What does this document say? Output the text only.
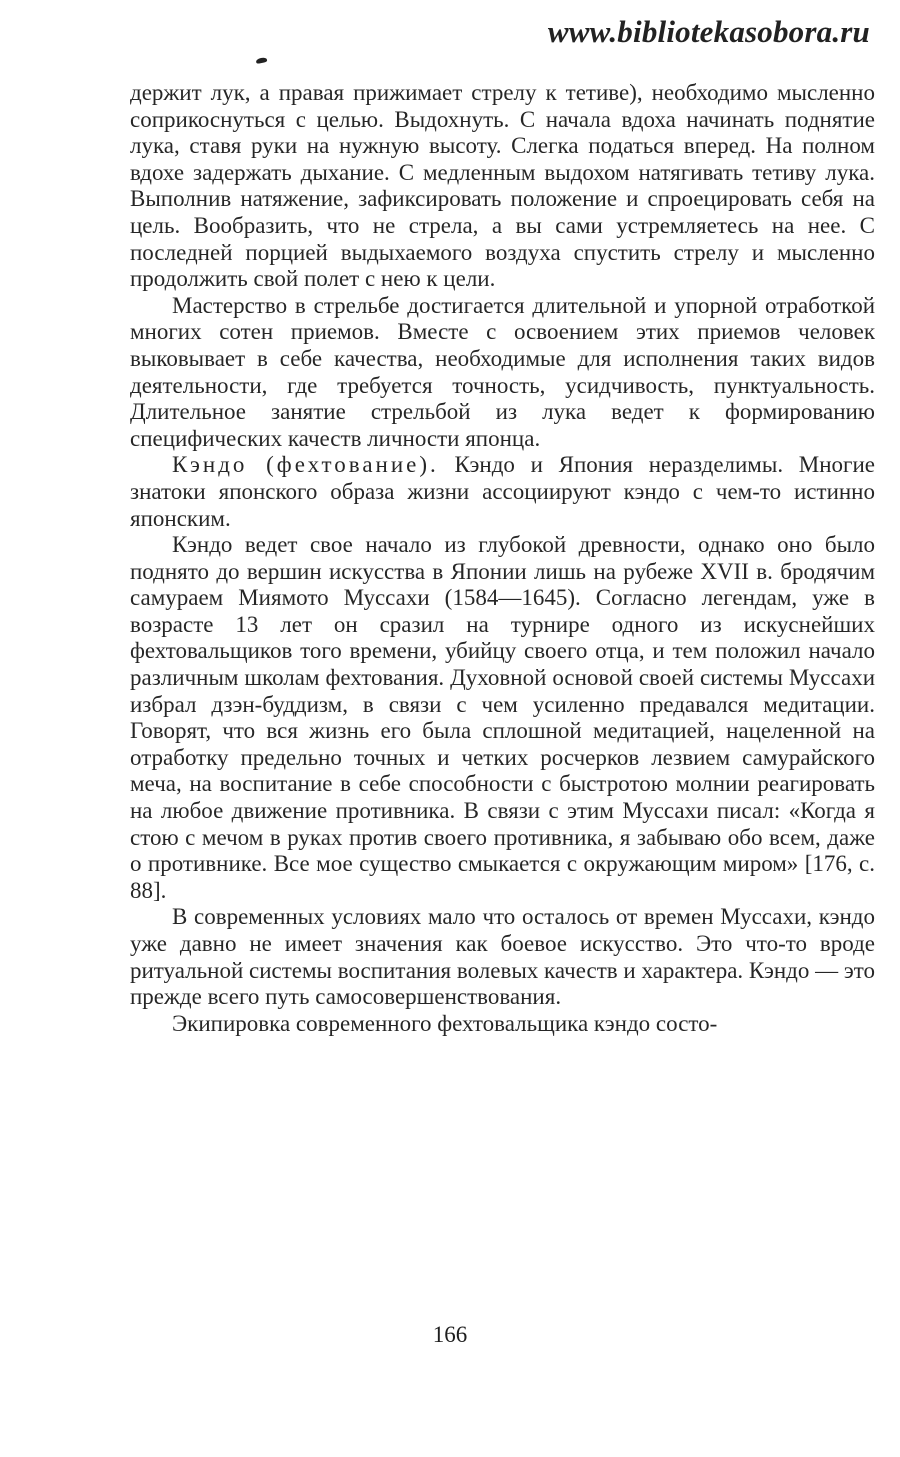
www.bibliotekasobora.ru

держит лук, а правая прижимает стрелу к тетиве), необходимо мысленно соприкоснуться с целью. Выдохнуть. С начала вдоха начинать поднятие лука, ставя руки на нужную высоту. Слегка податься вперед. На полном вдохе задержать дыхание. С медленным выдохом натягивать тетиву лука. Выполнив натяжение, зафиксировать положение и спроецировать себя на цель. Вообразить, что не стрела, а вы сами устремляетесь на нее. С последней порцией выдыхаемого воздуха спустить стрелу и мысленно продолжить свой полет с нею к цели.

Мастерство в стрельбе достигается длительной и упорной отработкой многих сотен приемов. Вместе с освоением этих приемов человек выковывает в себе качества, необходимые для исполнения таких видов деятельности, где требуется точность, усидчивость, пунктуальность. Длительное занятие стрельбой из лука ведет к формированию специфических качеств личности японца.

Кэндо (фехтование). Кэндо и Япония неразделимы. Многие знатоки японского образа жизни ассоциируют кэндо с чем-то истинно японским.

Кэндо ведет свое начало из глубокой древности, однако оно было поднято до вершин искусства в Японии лишь на рубеже XVII в. бродячим самураем Миямото Муссахи (1584—1645). Согласно легендам, уже в возрасте 13 лет он сразил на турнире одного из искуснейших фехтовальщиков того времени, убийцу своего отца, и тем положил начало различным школам фехтования. Духовной основой своей системы Муссахи избрал дзэн-буддизм, в связи с чем усиленно предавался медитации. Говорят, что вся жизнь его была сплошной медитацией, нацеленной на отработку предельно точных и четких росчерков лезвием самурайского меча, на воспитание в себе способности с быстротою молнии реагировать на любое движение противника. В связи с этим Муссахи писал: «Когда я стою с мечом в руках против своего противника, я забываю обо всем, даже о противнике. Все мое существо смыкается с окружающим миром» [176, с. 88].

В современных условиях мало что осталось от времен Муссахи, кэндо уже давно не имеет значения как боевое искусство. Это что-то вроде ритуальной системы воспитания волевых качеств и характера. Кэндо — это прежде всего путь самосовершенствования.

Экипировка современного фехтовальщика кэндо состо-

166
